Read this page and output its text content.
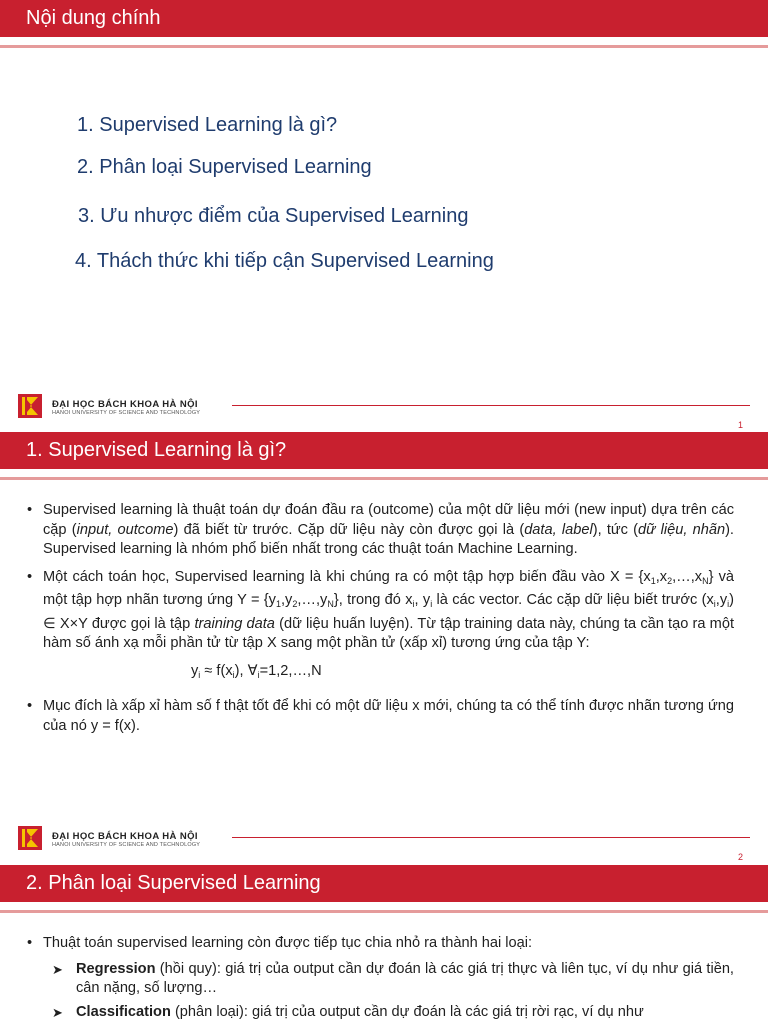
Nội dung chính
1. Supervised Learning là gì?
2. Phân loại Supervised Learning
3. Ưu nhược điểm của Supervised Learning
4. Thách thức khi tiếp cận Supervised Learning
ĐẠI HỌC BÁCH KHOA HÀ NỘI
HANOI UNIVERSITY OF SCIENCE AND TECHNOLOGY
1
1. Supervised Learning là gì?
• Supervised learning là thuật toán dự đoán đầu ra (outcome) của một dữ liệu mới (new input) dựa trên các cặp (input, outcome) đã biết từ trước. Cặp dữ liệu này còn được gọi là (data, label), tức (dữ liệu, nhãn). Supervised learning là nhóm phổ biến nhất trong các thuật toán Machine Learning.
• Một cách toán học, Supervised learning là khi chúng ra có một tập hợp biến đầu vào $X = \{x_1,x_2,\dots,x_N\}$ và một tập hợp nhãn tương ứng $Y = \{y_1,y_2,\dots,y_N\}$, trong đó $x_i$, $y_i$ là các vector. Các cặp dữ liệu biết trước $(x_i,y_i)$ ∈ X×Y được gọi là tập training data (dữ liệu huấn luyện). Từ tập training data này, chúng ta cần tạo ra một hàm số ánh xạ mỗi phần tử từ tập X sang một phần tử (xấp xỉ) tương ứng của tập Y:
$y_i \approx f(x_i)$, $\forall_i=1,2,\dots,N$
• Mục đích là xấp xỉ hàm số f thật tốt để khi có một dữ liệu x mới, chúng ta có thể tính được nhãn tương ứng của nó y = f(x).
ĐẠI HỌC BÁCH KHOA HÀ NỘI
HANOI UNIVERSITY OF SCIENCE AND TECHNOLOGY
2
2. Phân loại Supervised Learning
• Thuật toán supervised learning còn được tiếp tục chia nhỏ ra thành hai loại:
➤ Regression (hồi quy): giá trị của output cần dự đoán là các giá trị thực và liên tục, ví dụ như giá tiền, cân nặng, số lượng…
➤ Classification (phân loại): giá trị của output cần dự đoán là các giá trị rời rạc, ví dụ như
